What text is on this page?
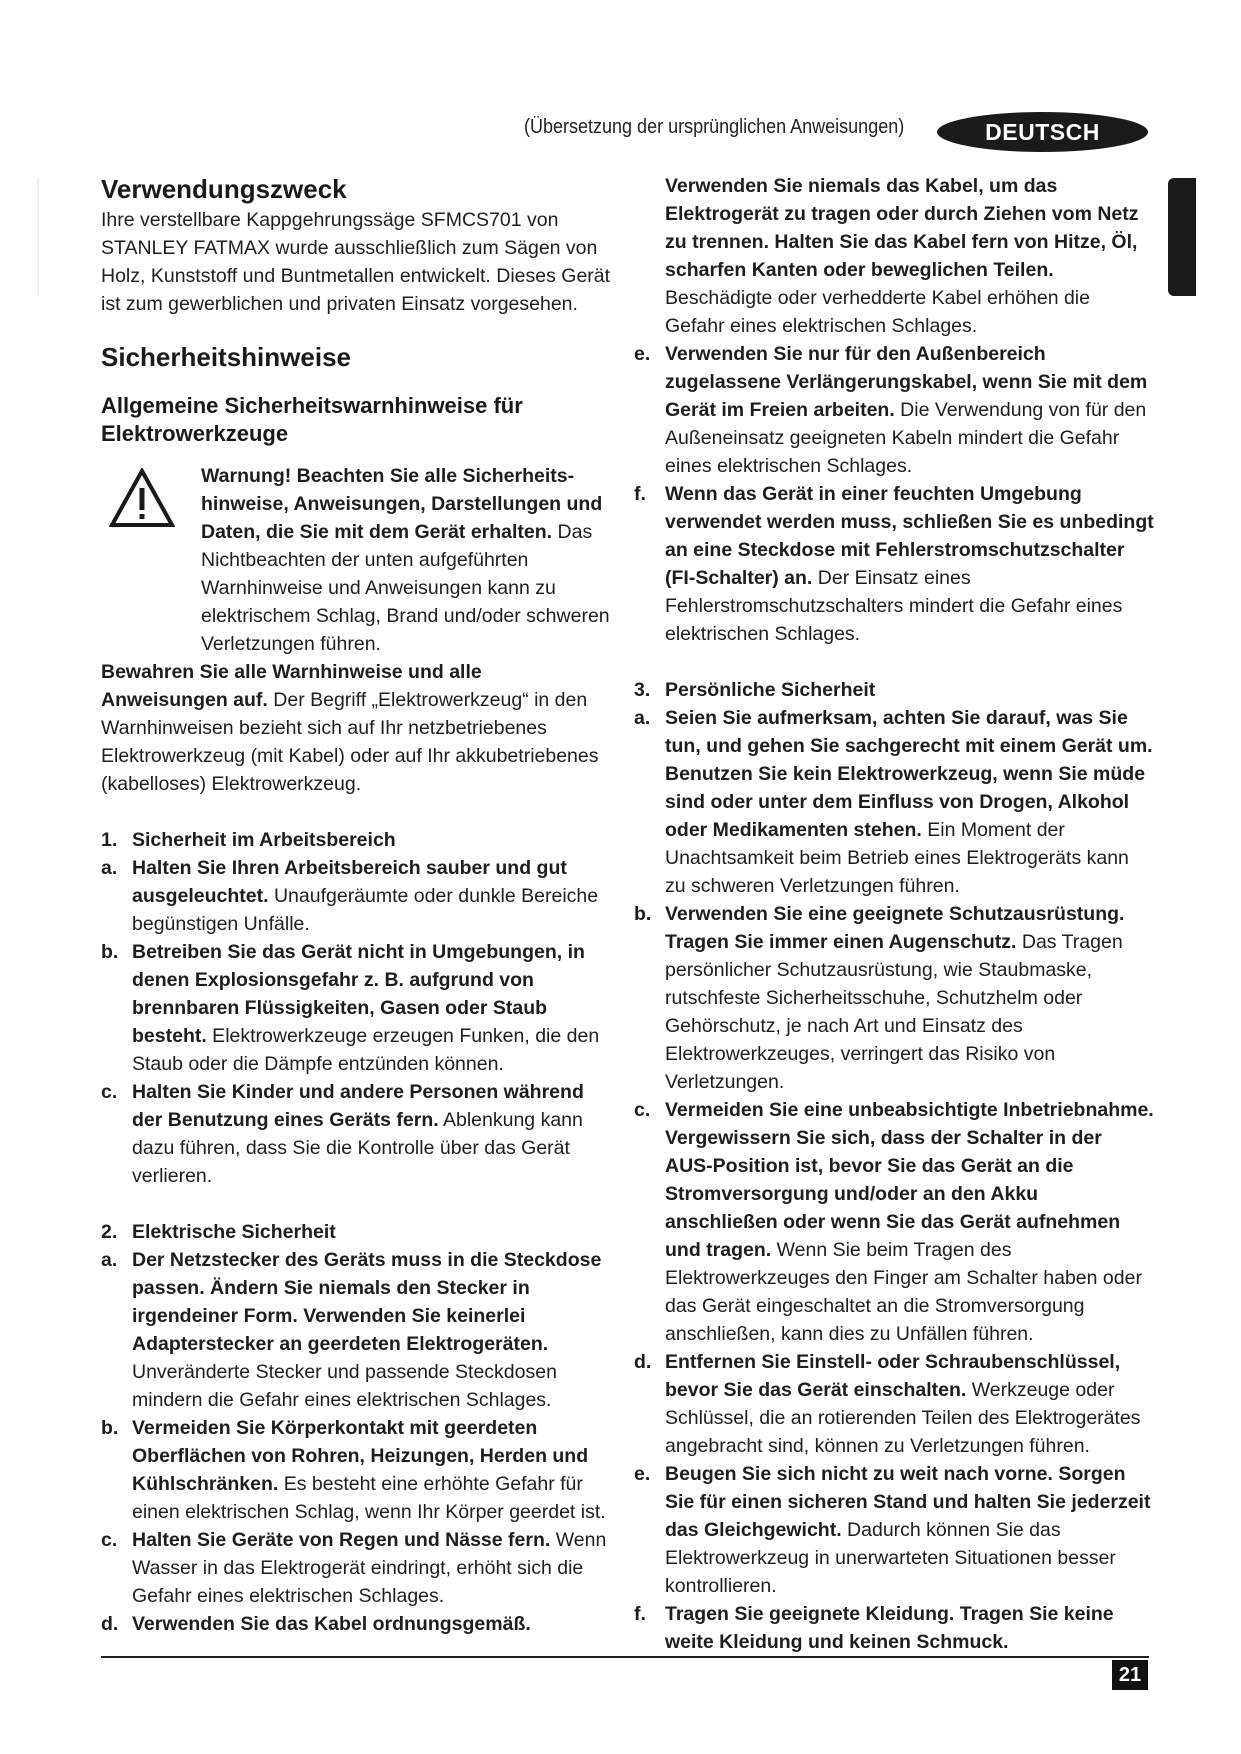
(Übersetzung der ursprünglichen Anweisungen)	DEUTSCH
Verwendungszweck

Ihre verstellbare Kappgehrungssäge SFMCS701 von STANLEY FATMAX wurde ausschließlich zum Sägen von Holz, Kunststoff und Buntmetallen entwickelt. Dieses Gerät ist zum gewerblichen und privaten Einsatz vorgesehen.

Sicherheitshinweise
Allgemeine Sicherheitswarnhinweise für Elektrowerkzeuge

Warnung! Beachten Sie alle Sicherheitshinweise, Anweisungen, Darstellungen und Daten, die Sie mit dem Gerät erhalten. Das Nichtbeachten der unten aufgeführten Warnhinweise und Anweisungen kann zu elektrischem Schlag, Brand und/oder schweren Verletzungen führen.

Bewahren Sie alle Warnhinweise und alle Anweisungen auf. Der Begriff „Elektrowerkzeug“ in den Warnhinweisen bezieht sich auf Ihr netzbetriebenes Elektrowerkzeug (mit Kabel) oder auf Ihr akkubetriebenes (kabelloses) Elektrowerkzeug.

1. Sicherheit im Arbeitsbereich

a. Halten Sie Ihren Arbeitsbereich sauber und gut ausgeleuchtet. Unaufgeräumte oder dunkle Bereiche begünstigen Unfälle.

b. Betreiben Sie das Gerät nicht in Umgebungen, in denen Explosionsgefahr z. B. aufgrund von brennbaren Flüssigkeiten, Gasen oder Staub besteht. Elektrowerkzeuge erzeugen Funken, die den Staub oder die Dämpfe entzünden können.

c. Halten Sie Kinder und andere Personen während der Benutzung eines Geräts fern. Ablenkung kann dazu führen, dass Sie die Kontrolle über das Gerät verlieren.

2. Elektrische Sicherheit

a. Der Netzstecker des Geräts muss in die Steckdose passen. Ändern Sie niemals den Stecker in irgendeiner Form. Verwenden Sie keinerlei Adapterstecker an geerdeten Elektrogeräten. Unveränderte Stecker und passende Steckdosen mindern die Gefahr eines elektrischen Schlages.

b. Vermeiden Sie Körperkontakt mit geerdeten Oberflächen von Rohren, Heizungen, Herden und Kühlschränken. Es besteht eine erhöhte Gefahr für einen elektrischen Schlag, wenn Ihr Körper geerdet ist.

c. Halten Sie Geräte von Regen und Nässe fern. Wenn Wasser in das Elektrogerät eindringt, erhöht sich die Gefahr eines elektrischen Schlages.

d. Verwenden Sie das Kabel ordnungsgemäß.

Verwenden Sie niemals das Kabel, um das Elektrogerät zu tragen oder durch Ziehen vom Netz zu trennen. Halten Sie das Kabel fern von Hitze, Öl, scharfen Kanten oder beweglichen Teilen. Beschädigte oder verhedderte Kabel erhöhen die Gefahr eines elektrischen Schlages.

e. Verwenden Sie nur für den Außenbereich zugelassene Verlängerungskabel, wenn Sie mit dem Gerät im Freien arbeiten. Die Verwendung von für den Außeneinsatz geeigneten Kabeln mindert die Gefahr eines elektrischen Schlages.

f. Wenn das Gerät in einer feuchten Umgebung verwendet werden muss, schließen Sie es unbedingt an eine Steckdose mit Fehlerstromschutzschalter (FI-Schalter) an. Der Einsatz eines Fehlerstromschutzschalters mindert die Gefahr eines elektrischen Schlages.

3. Persönliche Sicherheit

a. Seien Sie aufmerksam, achten Sie darauf, was Sie tun, und gehen Sie sachgerecht mit einem Gerät um. Benutzen Sie kein Elektrowerkzeug, wenn Sie müde sind oder unter dem Einfluss von Drogen, Alkohol oder Medikamenten stehen. Ein Moment der Unachtsamkeit beim Betrieb eines Elektrogeräts kann zu schweren Verletzungen führen.

b. Verwenden Sie eine geeignete Schutzausrüstung. Tragen Sie immer einen Augenschutz. Das Tragen persönlicher Schutzausrüstung, wie Staubmaske, rutschfeste Sicherheitsschuhe, Schutzhelm oder Gehörschutz, je nach Art und Einsatz des Elektrowerkzeuges, verringert das Risiko von Verletzungen.

c. Vermeiden Sie eine unbeabsichtigte Inbetriebnahme. Vergewissern Sie sich, dass der Schalter in der AUS-Position ist, bevor Sie das Gerät an die Stromversorgung und/oder an den Akku anschließen oder wenn Sie das Gerät aufnehmen und tragen. Wenn Sie beim Tragen des Elektrowerkzeuges den Finger am Schalter haben oder das Gerät eingeschaltet an die Stromversorgung anschließen, kann dies zu Unfällen führen.

d. Entfernen Sie Einstell- oder Schraubenschlüssel, bevor Sie das Gerät einschalten. Werkzeuge oder Schlüssel, die an rotierenden Teilen des Elektrogerätes angebracht sind, können zu Verletzungen führen.

e. Beugen Sie sich nicht zu weit nach vorne. Sorgen Sie für einen sicheren Stand und halten Sie jederzeit das Gleichgewicht. Dadurch können Sie das Elektrowerkzeug in unerwarteten Situationen besser kontrollieren.

f. Tragen Sie geeignete Kleidung. Tragen Sie keine weite Kleidung und keinen Schmuck.

21
